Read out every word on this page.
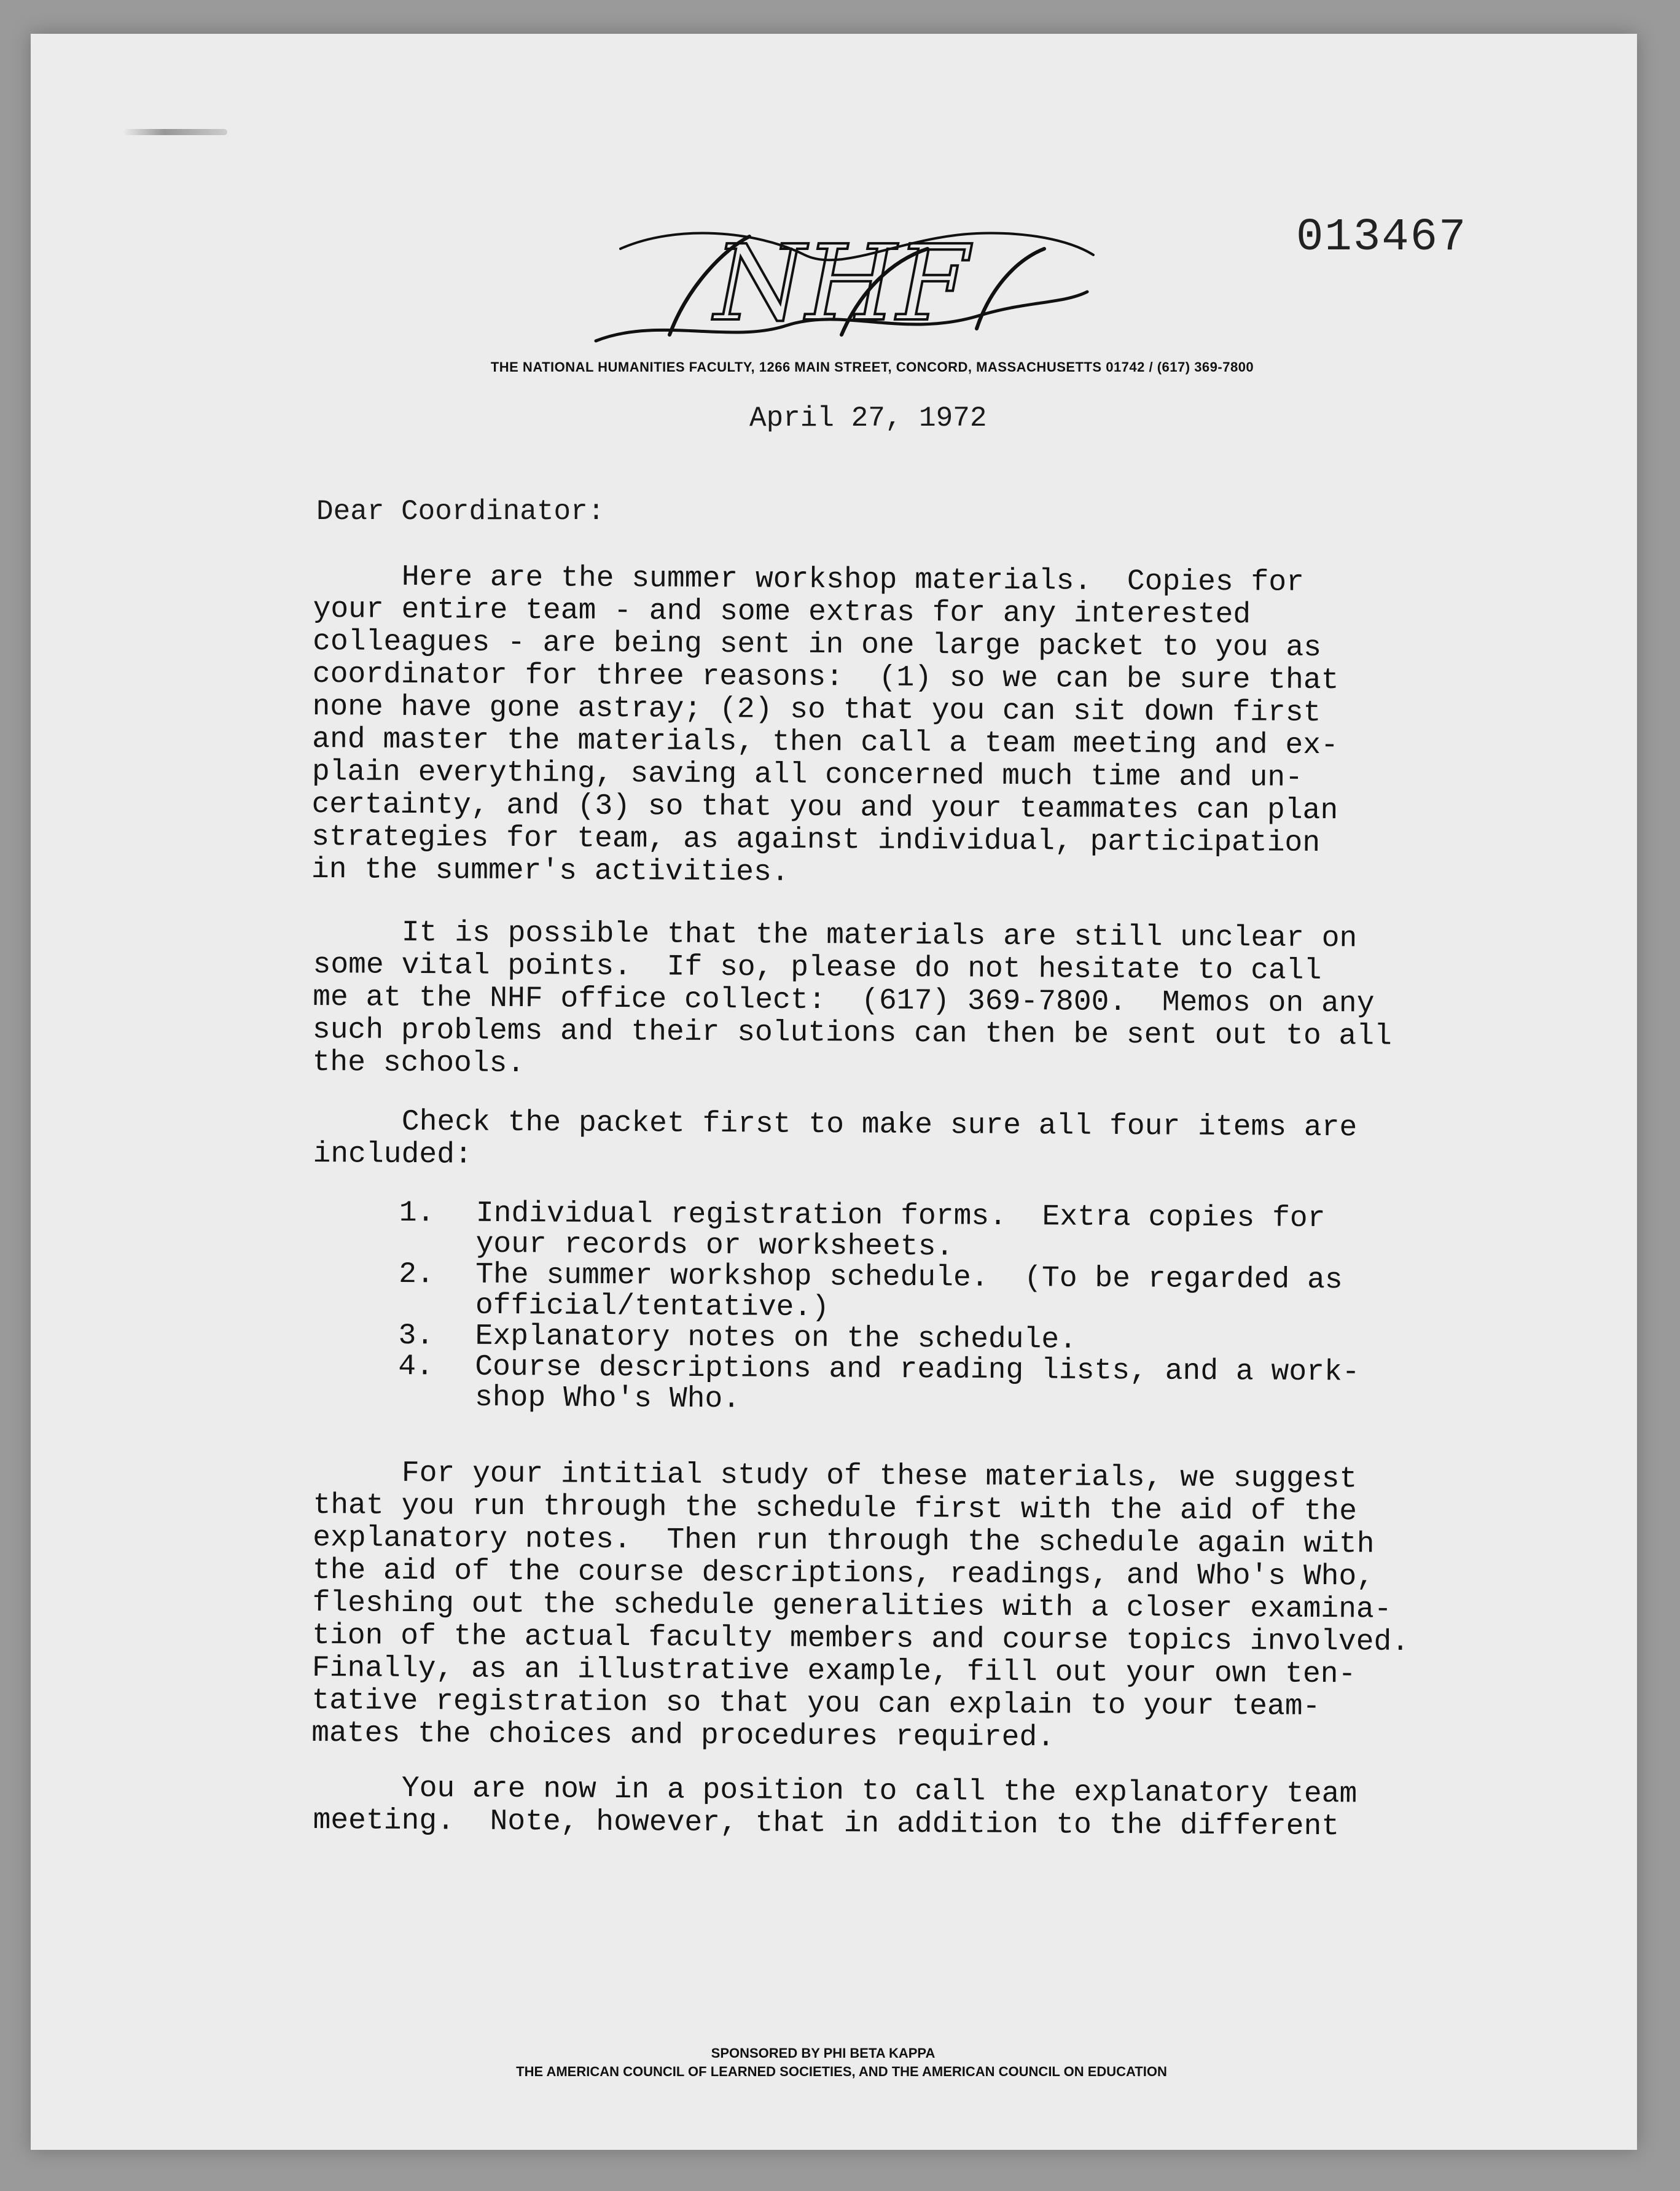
013467
NHF
THE NATIONAL HUMANITIES FACULTY, 1266 MAIN STREET, CONCORD, MASSACHUSETTS 01742 / (617) 369-7800
April 27, 1972
Dear Coordinator:

Here are the summer workshop materials.  Copies for
your entire team - and some extras for any interested
colleagues - are being sent in one large packet to you as
coordinator for three reasons:  (1) so we can be sure that
none have gone astray; (2) so that you can sit down first
and master the materials, then call a team meeting and ex-
plain everything, saving all concerned much time and un-
certainty, and (3) so that you and your teammates can plan
strategies for team, as against individual, participation
in the summer's activities.

It is possible that the materials are still unclear on
some vital points.  If so, please do not hesitate to call
me at the NHF office collect:  (617) 369-7800.  Memos on any
such problems and their solutions can then be sent out to all
the schools.

Check the packet first to make sure all four items are
included:

1.	Individual registration forms.  Extra copies for
your records or worksheets.
2.	The summer workshop schedule.  (To be regarded as
official/tentative.)
3.	Explanatory notes on the schedule.
4.	Course descriptions and reading lists, and a work-
shop Who's Who.

For your intitial study of these materials, we suggest
that you run through the schedule first with the aid of the
explanatory notes.  Then run through the schedule again with
the aid of the course descriptions, readings, and Who's Who,
fleshing out the schedule generalities with a closer examina-
tion of the actual faculty members and course topics involved.
Finally, as an illustrative example, fill out your own ten-
tative registration so that you can explain to your team-
mates the choices and procedures required.

You are now in a position to call the explanatory team
meeting.  Note, however, that in addition to the different

SPONSORED BY PHI BETA KAPPA
THE AMERICAN COUNCIL OF LEARNED SOCIETIES, AND THE AMERICAN COUNCIL ON EDUCATION
